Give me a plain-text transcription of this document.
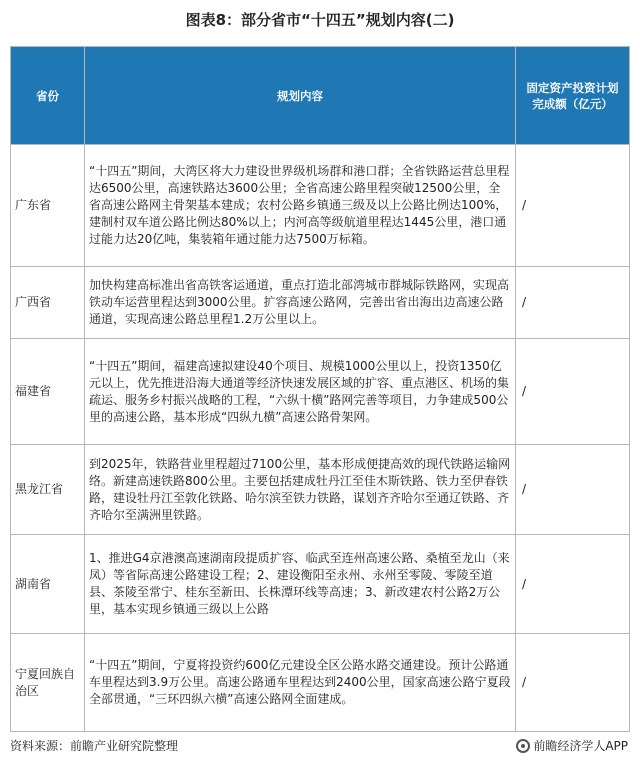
图表8：部分省市“十四五”规划内容(二)
省份	规划内容	固定资产投资计划完成额（亿元）
广东省	“十四五”期间，大湾区将大力建设世界级机场群和港口群；全省铁路运营总里程达6500公里，高速铁路达3600公里；全省高速公路里程突破12500公里，全省高速公路网主骨架基本建成；农村公路乡镇通三级及以上公路比例达100%，建制村双车道公路比例达80%以上；内河高等级航道里程达1445公里，港口通过能力达20亿吨，集装箱年通过能力达7500万标箱。	/
广西省	加快构建高标准出省高铁客运通道，重点打造北部湾城市群城际铁路网，实现高铁动车运营里程达到3000公里。扩容高速公路网，完善出省出海出边高速公路通道，实现高速公路总里程1.2万公里以上。	/
福建省	“十四五”期间，福建高速拟建设40个项目、规模1000公里以上，投资1350亿元以上，优先推进沿海大通道等经济快速发展区域的扩容、重点港区、机场的集疏运、服务乡村振兴战略的工程，“六纵十横”路网完善等项目，力争建成500公里的高速公路，基本形成“四纵九横”高速公路骨架网。	/
黑龙江省	到2025年，铁路营业里程超过7100公里，基本形成便捷高效的现代铁路运输网络。新建高速铁路800公里。主要包括建成牡丹江至佳木斯铁路、铁力至伊春铁路，建设牡丹江至敦化铁路、哈尔滨至铁力铁路，谋划齐齐哈尔至通辽铁路、齐齐哈尔至满洲里铁路。	/
湖南省	1、推进G4京港澳高速湖南段提质扩容、临武至连州高速公路、桑植至龙山（来凤）等省际高速公路建设工程；2、建设衡阳至永州、永州至零陵、零陵至道县、茶陵至常宁、桂东至新田、长株潭环线等高速；3、新改建农村公路2万公里，基本实现乡镇通三级以上公路	/
宁夏回族自治区	“十四五”期间，宁夏将投资约600亿元建设全区公路水路交通建设。预计公路通车里程达到3.9万公里。高速公路通车里程达到2400公里，国家高速公路宁夏段全部贯通，“三环四纵六横”高速公路网全面建成。	/
资料来源：前瞻产业研究院整理	前瞻经济学人APP
